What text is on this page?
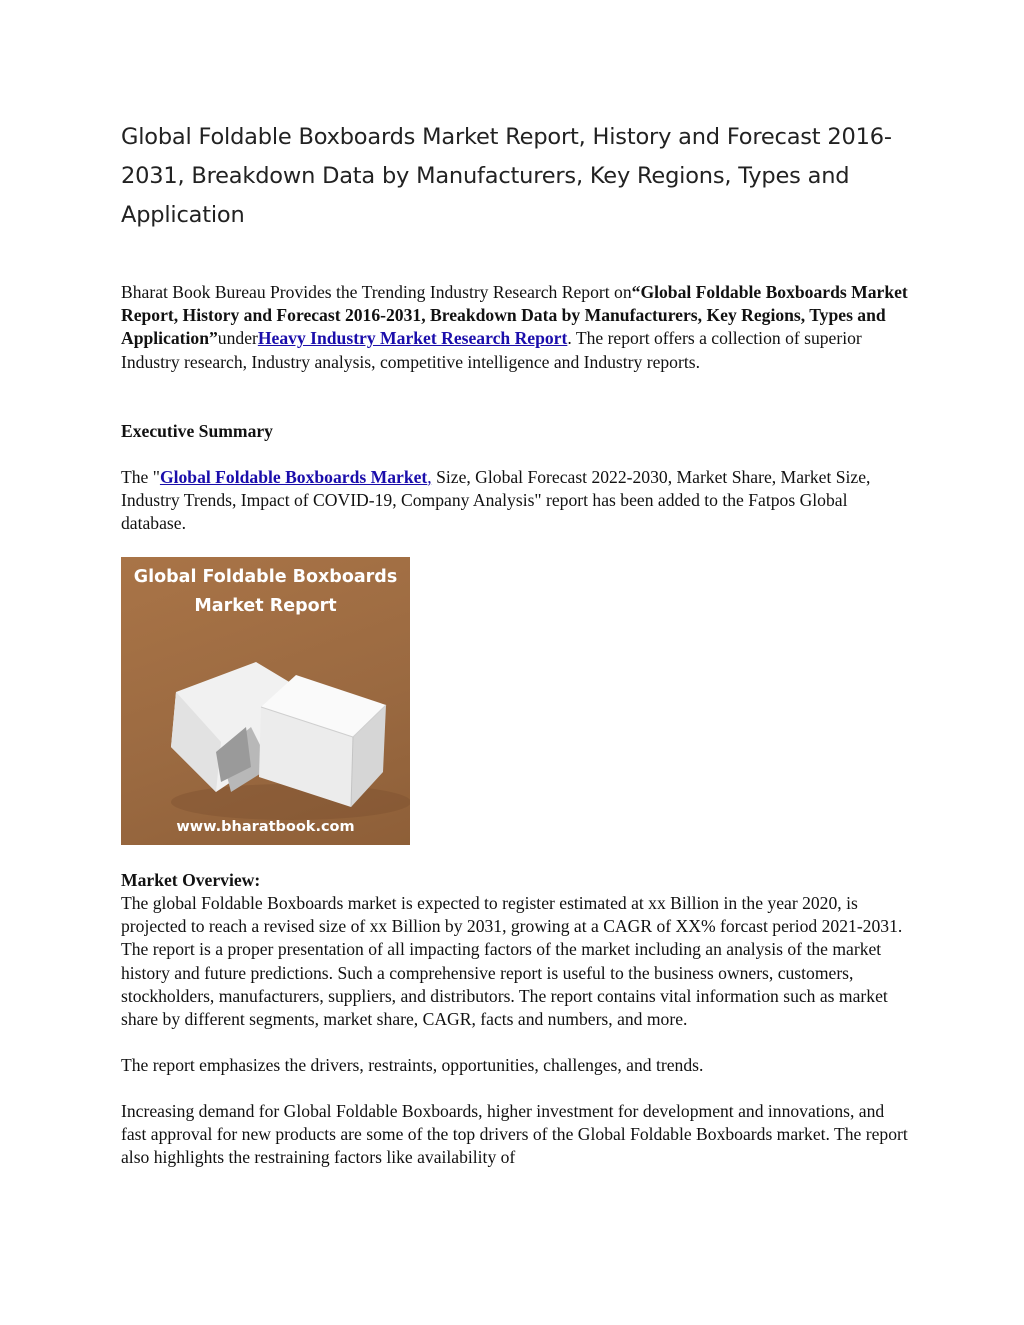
Global Foldable Boxboards Market Report, History and Forecast 2016-2031, Breakdown Data by Manufacturers, Key Regions, Types and Application

Bharat Book Bureau Provides the Trending Industry Research Report on“Global Foldable Boxboards Market Report, History and Forecast 2016-2031, Breakdown Data by Manufacturers, Key Regions, Types and Application”underHeavy Industry Market Research Report. The report offers a collection of superior Industry research, Industry analysis, competitive intelligence and Industry reports.

Executive Summary

The "Global Foldable Boxboards Market, Size, Global Forecast 2022-2030, Market Share, Market Size, Industry Trends, Impact of COVID-19, Company Analysis" report has been added to the Fatpos Global database.

Global Foldable Boxboards
Market Report
www.bharatbook.com

Market Overview:

The global Foldable Boxboards market is expected to register estimated at xx Billion in the year 2020, is projected to reach a revised size of xx Billion by 2031, growing at a CAGR of XX% forcast period 2021-2031. The report is a proper presentation of all impacting factors of the market including an analysis of the market history and future predictions. Such a comprehensive report is useful to the business owners, customers, stockholders, manufacturers, suppliers, and distributors. The report contains vital information such as market share by different segments, market share, CAGR, facts and numbers, and more.

The report emphasizes the drivers, restraints, opportunities, challenges, and trends.

Increasing demand for Global Foldable Boxboards, higher investment for development and innovations, and fast approval for new products are some of the top drivers of the Global Foldable Boxboards market. The report also highlights the restraining factors like availability of
